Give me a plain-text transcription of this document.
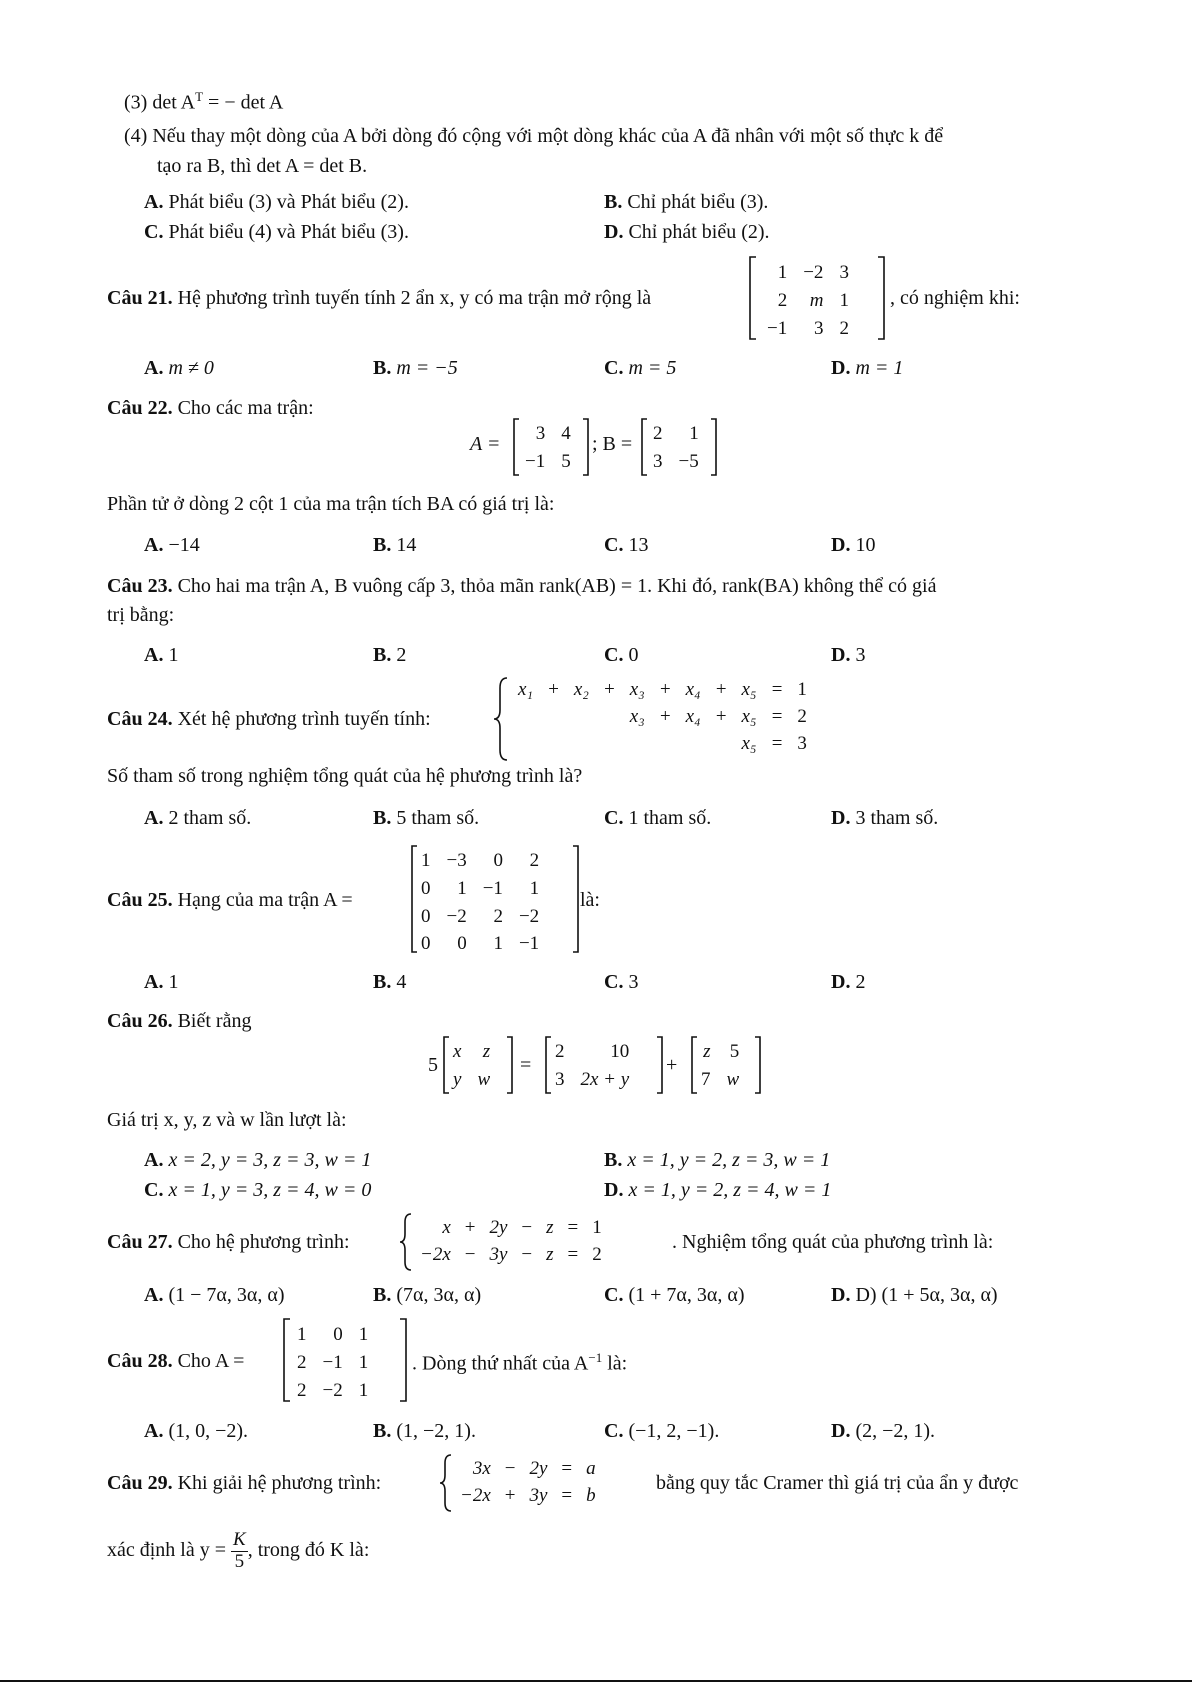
(3) $\det A^T$ = − det A
(4) Nếu thay một dòng của A bởi dòng đó cộng với một dòng khác của A đã nhân với một số thực k để
tạo ra B, thì det A = det B.
A. Phát biểu (3) và Phát biểu (2).	B. Chỉ phát biểu (3).
C. Phát biểu (4) và Phát biểu (3).	D. Chỉ phát biểu (2).
Câu 21. Hệ phương trình tuyến tính 2 ẩn x, y có ma trận mở rộng là
1	−2	3
2	m	1
−1	3	2
, có nghiệm khi:
A. m ≠ 0	B. m = −5	C. m = 5	D. m = 1
Câu 22. Cho các ma trận:
A = 3	4
−1	5
; B = 2	1
3	−5
Phần tử ở dòng 2 cột 1 của ma trận tích BA có giá trị là:
A. −14	B. 14	C. 13	D. 10
Câu 23. Cho hai ma trận A, B vuông cấp 3, thỏa mãn rank(AB) = 1. Khi đó, rank(BA) không thể có giá
trị bằng:
A. 1	B. 2	C. 0	D. 3
Câu 24. Xét hệ phương trình tuyến tính:
x₁	+	x₂	+	x₃	+	x₄	+	x₅	=	1
				x₃	+	x₄	+	x₅	=	2
								x₅	=	3
Số tham số trong nghiệm tổng quát của hệ phương trình là?
A. 2 tham số.	B. 5 tham số.	C. 1 tham số.	D. 3 tham số.
Câu 25. Hạng của ma trận A =
1	−3	0	2
0	1	−1	1
0	−2	2	−2
0	0	1	−1
là:
A. 1	B. 4	C. 3	D. 2
Câu 26. Biết rằng
5
x	z
y	w
=
2	10
3	2x + y
+
z	5
7	w
Giá trị x, y, z và w lần lượt là:
A. x = 2, y = 3, z = 3, w = 1	B. x = 1, y = 2, z = 3, w = 1
C. x = 1, y = 3, z = 4, w = 0	D. x = 1, y = 2, z = 4, w = 1
Câu 27. Cho hệ phương trình:
x	+	2y	−	z	=	1
−2x	−	3y	−	z	=	2
. Nghiệm tổng quát của phương trình là:
A. (1 − 7α, 3α, α)	B. (7α, 3α, α)	C. (1 + 7α, 3α, α)	D. D) (1 + 5α, 3α, α)
Câu 28. Cho A =
1	0	1
2	−1	1
2	−2	1
. Dòng thứ nhất của $A^{-1}$ là:
A. (1, 0, −2).	B. (1, −2, 1).	C. (−1, 2, −1).	D. (2, −2, 1).
Câu 29. Khi giải hệ phương trình:
3x	−	2y	=	a
−2x	+	3y	=	b
bằng quy tắc Cramer thì giá trị của ẩn y được
xác định là $y = \frac{K}{5}$ , trong đó K là:
